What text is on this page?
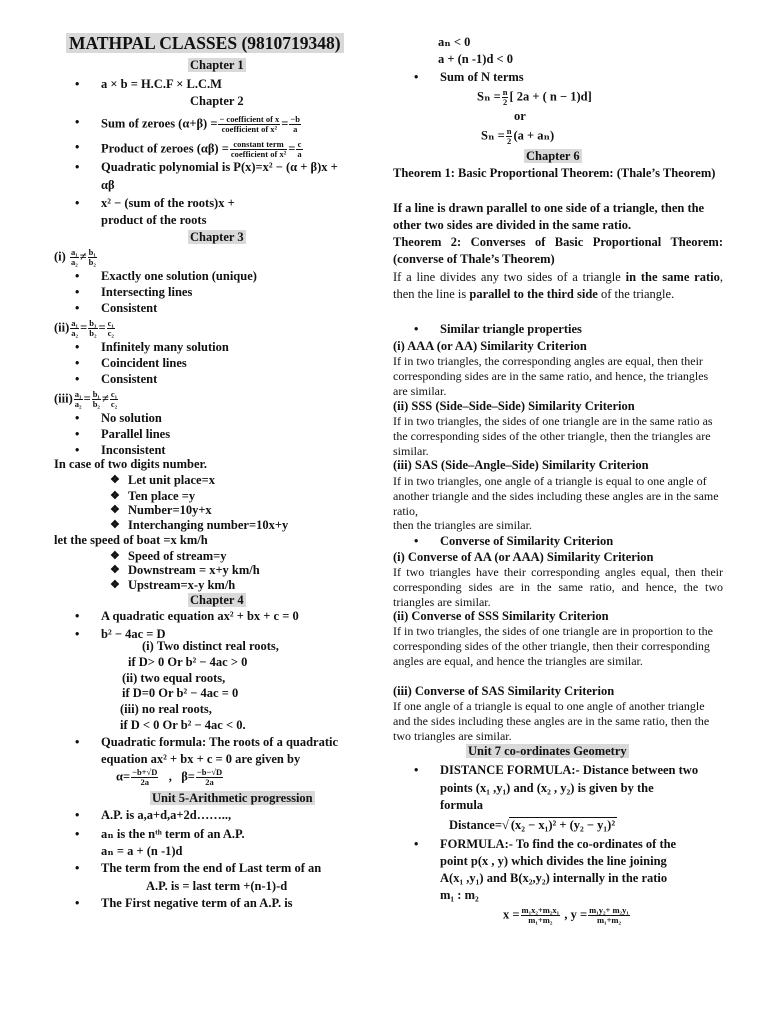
MATHPAL CLASSES (9810719348)
Chapter 1
• a × b = H.C.F × L.C.M
Chapter 2
• Sum of zeroes (α+β) = − coefficient of x
coefficient of $x^2 = \frac{-b}{a}$
• Product of zeroes (αβ) = constant term
coefficient of $x^2 = \frac{c}{a}$
• Quadratic polynomial is P(x)=x² − (α + β)x +
αβ
• x² − (sum of the roots)x +
product of the roots
Chapter 3
$(i) \frac{\text{a₁}}{\text{a₂}} \ne \frac{\text{b₁}}{\text{b₂}}$
• Exactly one solution (unique)
• Intersecting lines
• Consistent
$(ii) \frac{\text{a₁}}{\text{a₂}} = \frac{\text{b₁}}{\text{b₂}} = \frac{\text{c₁}}{\text{c₂}}$
• Infinitely many solution
• Coincident lines
• Consistent
$(iii) \frac{\text{a₁}}{\text{a₂}} = \frac{\text{b₁}}{\text{b₂}} \ne \frac{\text{c₁}}{\text{c₂}}$
• No solution
• Parallel lines
• Inconsistent
In case of two digits number.
❖ Let unit place=x
❖ Ten place =y
❖ Number=10y+x
❖ Interchanging number=10x+y
let the speed of boat =x km/h
❖ Speed of stream=y
❖ Downstream = x+y km/h
❖ Upstream=x-y km/h
Chapter 4
• A quadratic equation ax² + bx + c = 0
• b² − 4ac = D
(i) Two distinct real roots,
if D> 0 Or b² − 4ac > 0
(ii) two equal roots,
if D=0 Or b² − 4ac = 0
(iii) no real roots,
if D < 0 Or b² − 4ac < 0.
• Quadratic formula: The roots of a quadratic
equation ax² + bx + c = 0 are given by
$\alpha= \frac{-b+√D}{2a}$ ,   $\beta= \frac{-b-√D}{2a}$
Unit 5-Arithmetic progression
• A.P. is a,a+d,a+2d……..,
• aₙ is the nᵗʰ term of an A.P.
aₙ = a + (n -1)d
• The term from the end of Last term of an
A.P. is = last term +(n-1)-d
• The First negative term of an A.P. is
aₙ < 0
a + (n -1)d < 0
• Sum of N terms
$S_n = \frac{n}{2}$ [ 2a + ( n − 1)d]
or
$S_n = \frac{n}{2} (a + a_n)$
Chapter 6
Theorem 1: Basic Proportional Theorem: (Thale’s Theorem)
If a line is drawn parallel to one side of a triangle, then the other two sides are divided in the same ratio.
Theorem 2: Converses of Basic Proportional Theorem: (converse of Thale’s Theorem)
If a line divides any two sides of a triangle in the same ratio, then the line is parallel to the third side of the triangle.
• Similar triangle properties
(i) AAA (or AA) Similarity Criterion
If in two triangles, the corresponding angles are equal, then their corresponding sides are in the same ratio, and hence, the triangles are similar.
(ii) SSS (Side–Side–Side) Similarity Criterion
If in two triangles, the sides of one triangle are in the same ratio as the corresponding sides of the other triangle, then the triangles are similar.
(iii) SAS (Side–Angle–Side) Similarity Criterion
If in two triangles, one angle of a triangle is equal to one angle of another triangle and the sides including these angles are in the same ratio,
then the triangles are similar.
• Converse of Similarity Criterion
(i) Converse of AA (or AAA) Similarity Criterion
If two triangles have their corresponding angles equal, then their corresponding sides are in the same ratio, and hence, the two triangles are similar.
(ii) Converse of SSS Similarity Criterion
If in two triangles, the sides of one triangle are in proportion to the corresponding sides of the other triangle, then their corresponding angles are equal, and hence the triangles are similar.
(iii) Converse of SAS Similarity Criterion
If one angle of a triangle is equal to one angle of another triangle and the sides including these angles are in the same ratio, then the two triangles are similar.
Unit 7 co-ordinates Geometry
• DISTANCE FORMULA:- Distance between two
points (x₁ ,y₁) and (x₂ , y₂) is given by the
formula
Distance=√ (x₂ − x₁)² + (y₂ − y₁)²
• FORMULA:- To find the co-ordinates of the
point p(x , y) which divides the line joining
A(x₁ ,y₁) and B(x₂,y₂) internally in the ratio
m₁ : m₂
$x = \frac{\text{m₁x₂+m₂x₁}}{\text{m₁+m₂}}$ , $y = \frac{\text{m₁y₂+ m₂y₁}}{\text{m₁+m₂}}$
